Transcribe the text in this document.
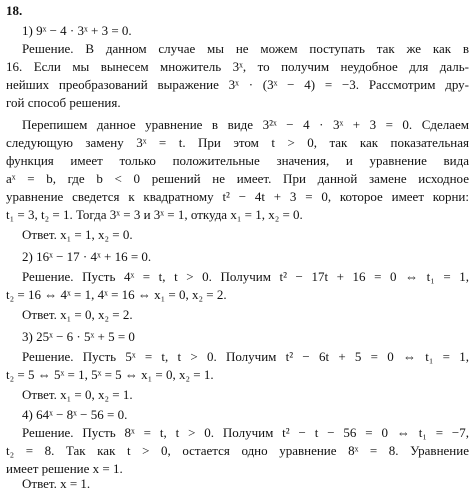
18.
1) 9ˣ − 4 · 3ˣ + 3 = 0.
Решение. В данном случае мы не можем поступать так же как в
16. Если мы вынесем множитель 3ˣ, то получим неудобное для даль-
нейших преобразований выражение 3ˣ · (3ˣ − 4) = −3. Рассмотрим дру-
гой способ решения.
Перепишем данное уравнение в виде 3²ˣ − 4 · 3ˣ + 3 = 0. Сделаем
следующую замену 3ˣ = t. При этом t > 0, так как показательная
функция имеет только положительные значения, и уравнение вида
aˣ = b, где b < 0 решений не имеет. При данной замене исходное
уравнение сведется к квадратному t² − 4t + 3 = 0, которое имеет корни:
t₁ = 3, t₂ = 1. Тогда 3ˣ = 3 и 3ˣ = 1, откуда x₁ = 1, x₂ = 0.
Ответ. x₁ = 1, x₂ = 0.
2) 16ˣ − 17 · 4ˣ + 16 = 0.
Решение. Пусть 4ˣ = t, t > 0. Получим t² − 17t + 16 = 0 ⇔ t₁ = 1,
t₂ = 16 ⇔ 4ˣ = 1, 4ˣ = 16 ⇔ x₁ = 0, x₂ = 2.
Ответ. x₁ = 0, x₂ = 2.
3) 25ˣ − 6 · 5ˣ + 5 = 0
Решение. Пусть 5ˣ = t, t > 0. Получим t² − 6t + 5 = 0 ⇔ t₁ = 1,
t₂ = 5 ⇔ 5ˣ = 1, 5ˣ = 5 ⇔ x₁ = 0, x₂ = 1.
Ответ. x₁ = 0, x₂ = 1.
4) 64ˣ − 8ˣ − 56 = 0.
Решение. Пусть 8ˣ = t, t > 0. Получим t² − t − 56 = 0 ⇔ t₁ = −7,
t₂ = 8. Так как t > 0, остается одно уравнение 8ˣ = 8. Уравнение
имеет решение x = 1.
Ответ. x = 1.
